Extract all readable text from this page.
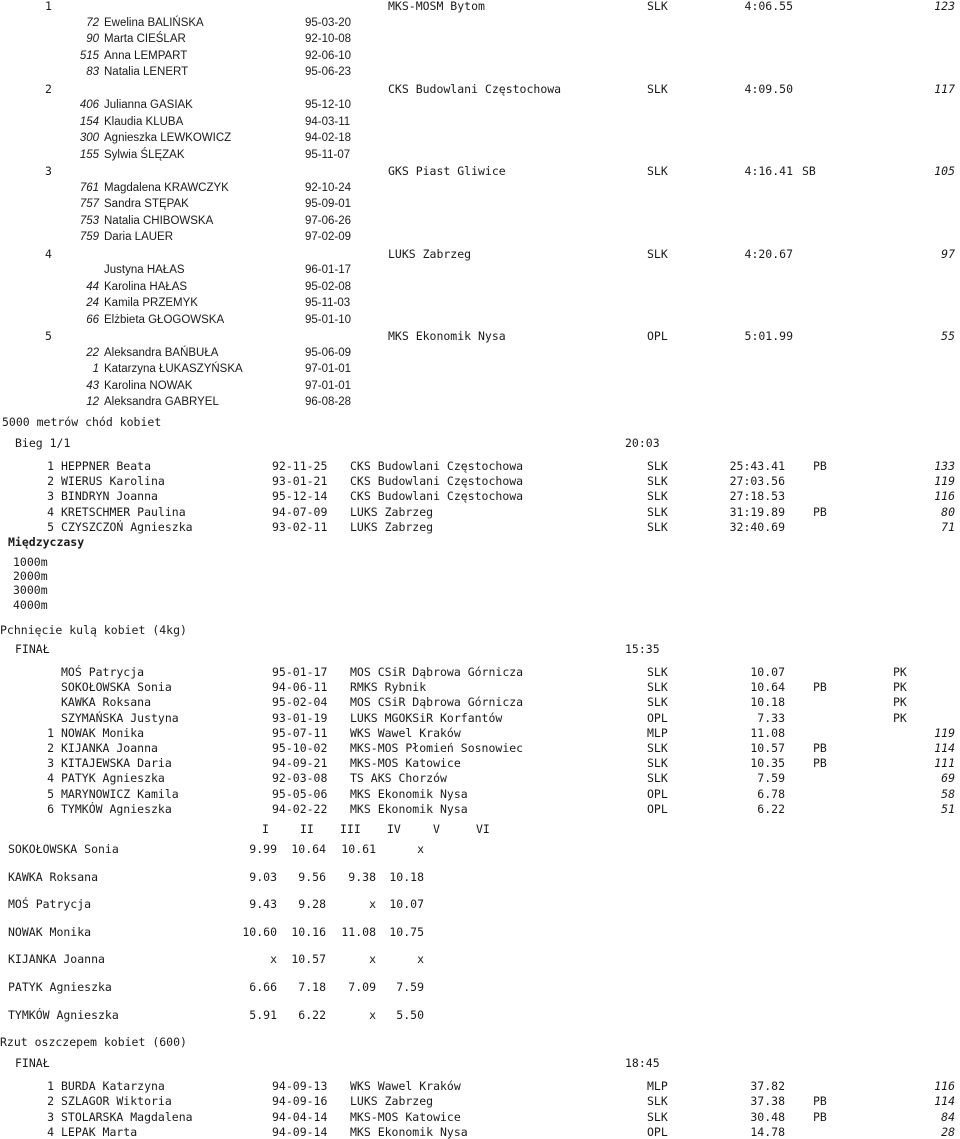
1	MKS-MOSM Bytom	SLK	4:06.55	123
72 Ewelina BALIŃSKA	95-03-20
90 Marta CIEŚLAR	92-10-08
515 Anna LEMPART	92-06-10
83 Natalia LENERT	95-06-23
2	CKS Budowlani Częstochowa	SLK	4:09.50	117
406 Julianna GASIAK	95-12-10
154 Klaudia KLUBA	94-03-11
300 Agnieszka LEWKOWICZ	94-02-18
155 Sylwia ŚLĘZAK	95-11-07
3	GKS Piast Gliwice	SLK	4:16.41 SB	105
761 Magdalena KRAWCZYK	92-10-24
757 Sandra STĘPAK	95-09-01
753 Natalia CHIBOWSKA	97-06-26
759 Daria LAUER	97-02-09
4	LUKS Zabrzeg	SLK	4:20.67	97
Justyna HAŁAS	96-01-17
44 Karolina HAŁAS	95-02-08
24 Kamila PRZEMYK	95-11-03
66 Elżbieta GŁOGOWSKA	95-01-10
5	MKS Ekonomik Nysa	OPL	5:01.99	55
22 Aleksandra BAŃBUŁA	95-06-09
1 Katarzyna ŁUKASZYŃSKA	97-01-01
43 Karolina NOWAK	97-01-01
12 Aleksandra GABRYEL	96-08-28
5000 metrów chód kobiet
Bieg 1/1	20:03
1 HEPPNER Beata	92-11-25 CKS Budowlani Częstochowa	SLK	25:43.41 PB	133
2 WIERUS Karolina	93-01-21 CKS Budowlani Częstochowa	SLK	27:03.56	119
3 BINDRYN Joanna	95-12-14 CKS Budowlani Częstochowa	SLK	27:18.53	116
4 KRETSCHMER Paulina	94-07-09 LUKS Zabrzeg	SLK	31:19.89 PB	80
5 CZYSZCZOŃ Agnieszka	93-02-11 LUKS Zabrzeg	SLK	32:40.69	71
Międzyczasy
1000m
2000m
3000m
4000m
Pchnięcie kulą kobiet (4kg)
FINAŁ	15:35
MOŚ Patrycja	95-01-17 MOS CSiR Dąbrowa Górnicza	SLK	10.07	PK
SOKOŁOWSKA Sonia	94-06-11 RMKS Rybnik	SLK	10.64 PB	PK
KAWKA Roksana	95-02-04 MOS CSiR Dąbrowa Górnicza	SLK	10.18	PK
SZYMAŃSKA Justyna	93-01-19 LUKS MGOKSiR Korfantów	OPL	7.33	PK
1 NOWAK Monika	95-07-11 WKS Wawel Kraków	MLP	11.08	119
2 KIJANKA Joanna	95-10-02 MKS-MOS Płomień Sosnowiec	SLK	10.57 PB	114
3 KITAJEWSKA Daria	94-09-21 MKS-MOS Katowice	SLK	10.35 PB	111
4 PATYK Agnieszka	92-03-08 TS AKS Chorzów	SLK	7.59	69
5 MARYNOWICZ Kamila	95-05-06 MKS Ekonomik Nysa	OPL	6.78	58
6 TYMKÓW Agnieszka	94-02-22 MKS Ekonomik Nysa	OPL	6.22	51
I	II III IV	V	VI
SOKOŁOWSKA Sonia	9.99 10.64 10.61	x
KAWKA Roksana	9.03 9.56 9.38 10.18
MOŚ Patrycja	9.43 9.28	x 10.07
NOWAK Monika	10.60 10.16 11.08 10.75
KIJANKA Joanna	x 10.57	x	x
PATYK Agnieszka	6.66 7.18 7.09 7.59
TYMKÓW Agnieszka	5.91 6.22	x 5.50
Rzut oszczepem kobiet (600)
FINAŁ	18:45
1 BURDA Katarzyna	94-09-13 WKS Wawel Kraków	MLP	37.82	116
2 SZLAGOR Wiktoria	94-09-16 LUKS Zabrzeg	SLK	37.38 PB	114
3 STOLARSKA Magdalena	94-04-14 MKS-MOS Katowice	SLK	30.48 PB	84
4 LEPAK Marta	94-09-14 MKS Ekonomik Nysa	OPL	14.78	28
